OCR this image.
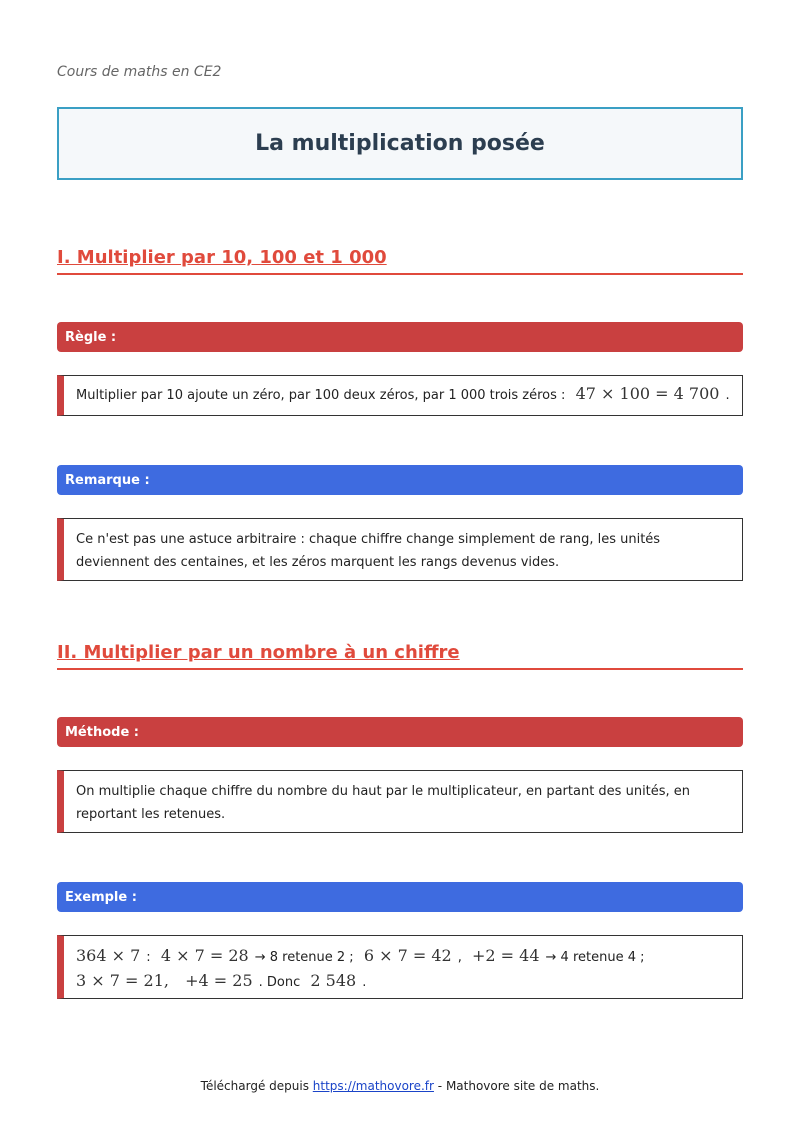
Cours de maths en CE2
La multiplication posée
I. Multiplier par 10, 100 et 1 000
Règle :
Multiplier par 10 ajoute un zéro, par 100 deux zéros, par 1 000 trois zéros : 47 × 100 = 4 700 .
Remarque :
Ce n'est pas une astuce arbitraire : chaque chiffre change simplement de rang, les unités deviennent des centaines, et les zéros marquent les rangs devenus vides.
II. Multiplier par un nombre à un chiffre
Méthode :
On multiplie chaque chiffre du nombre du haut par le multiplicateur, en partant des unités, en reportant les retenues.
Exemple :
364 × 7 : 4 × 7 = 28 → 8 retenue 2 ; 6 × 7 = 42 , +2 = 44 → 4 retenue 4 ;
3 × 7 = 21, +4 = 25 . Donc 2 548 .
Téléchargé depuis https://mathovore.fr - Mathovore site de maths.
